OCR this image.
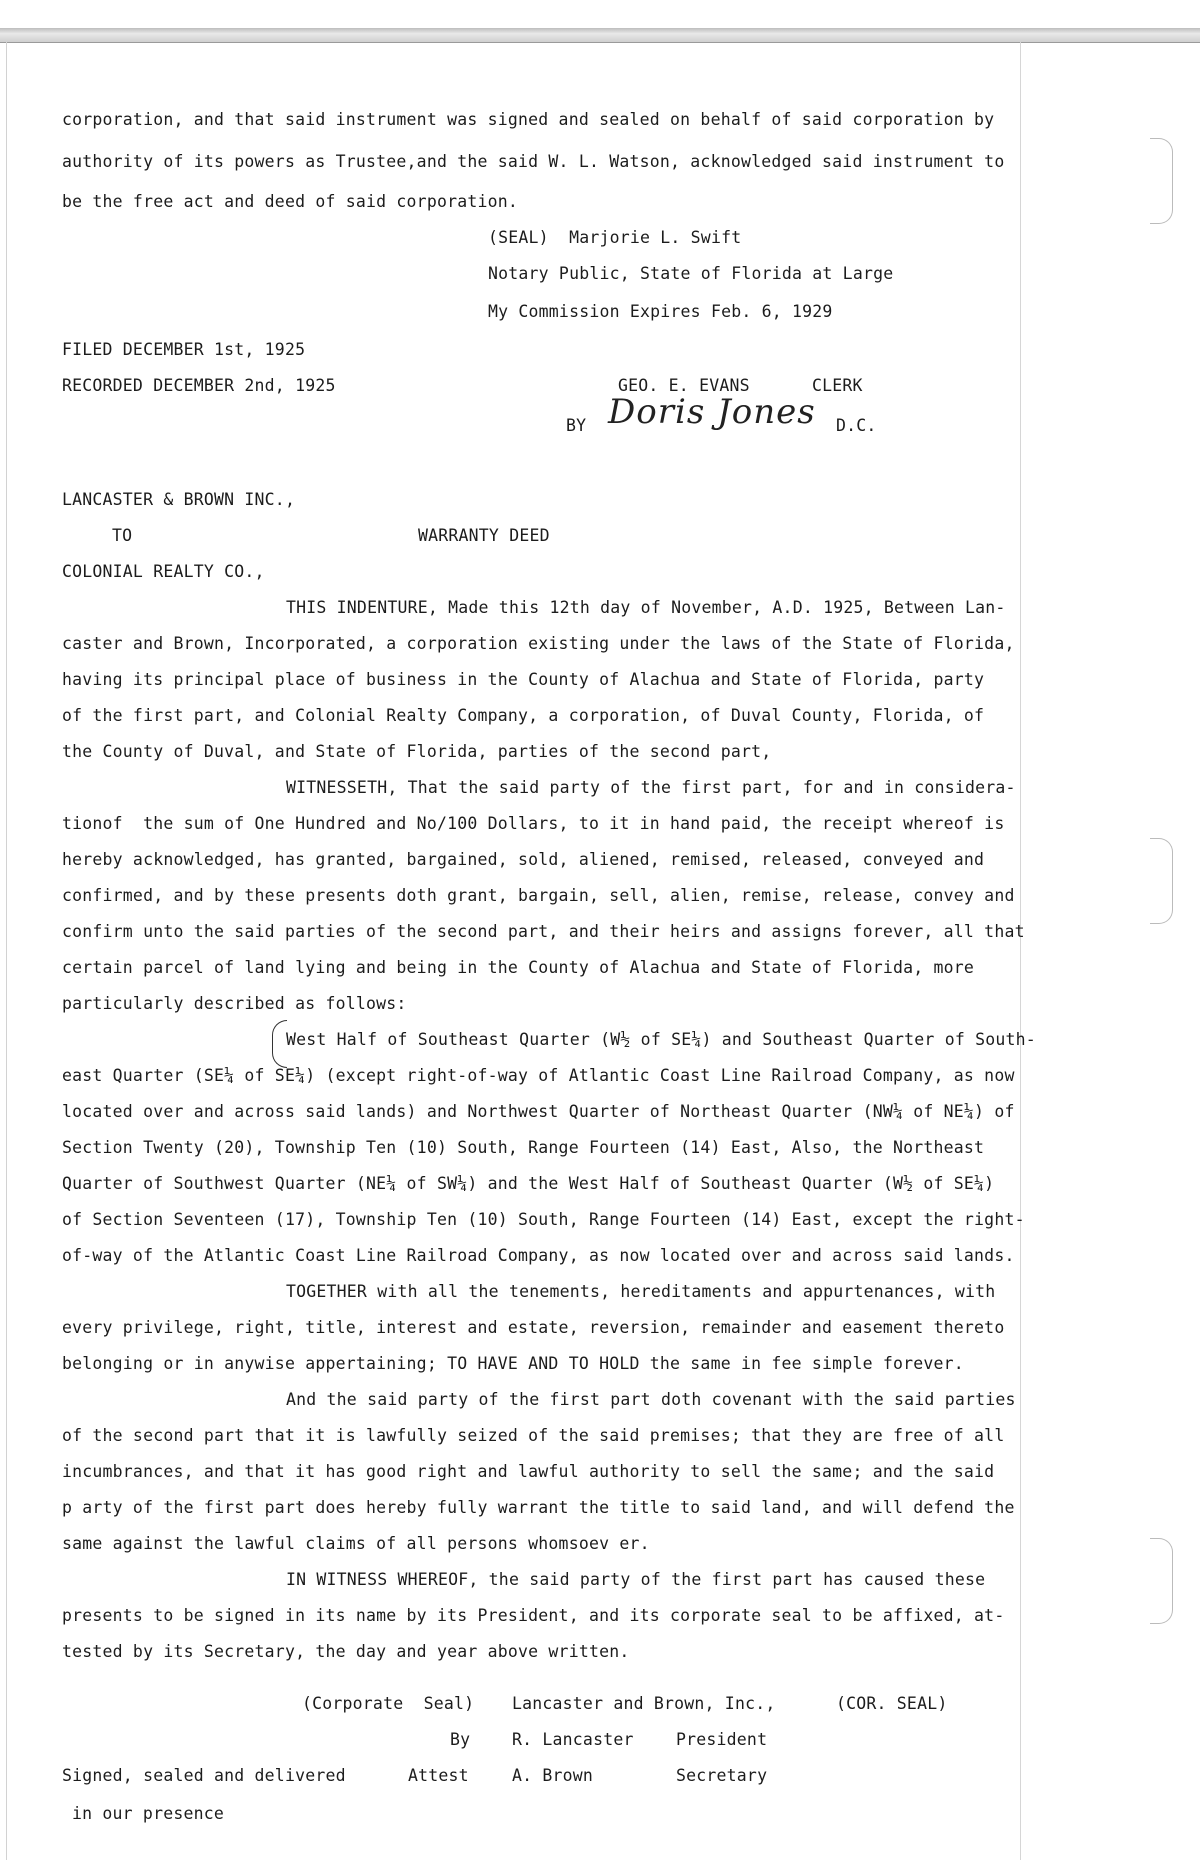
corporation, and that said instrument was signed and sealed on behalf of said corporation by
authority of its powers as Trustee,and the said W. L. Watson, acknowledged said instrument to
be the free act and deed of said corporation.
(SEAL)  Marjorie L. Swift
Notary Public, State of Florida at Large
My Commission Expires Feb. 6, 1929
FILED DECEMBER 1st, 1925
RECORDED DECEMBER 2nd, 1925	GEO. E. EVANS	CLERK
BY Doris Jones D.C.
LANCASTER & BROWN INC.,
TO	WARRANTY DEED
COLONIAL REALTY CO.,
THIS INDENTURE, Made this 12th day of November, A.D. 1925, Between Lan-
caster and Brown, Incorporated, a corporation existing under the laws of the State of Florida,
having its principal place of business in the County of Alachua and State of Florida, party
of the first part, and Colonial Realty Company, a corporation, of Duval County, Florida, of
the County of Duval, and State of Florida, parties of the second part,
WITNESSETH, That the said party of the first part, for and in considera-
tionof  the sum of One Hundred and No/100 Dollars, to it in hand paid, the receipt whereof is
hereby acknowledged, has granted, bargained, sold, aliened, remised, released, conveyed and
confirmed, and by these presents doth grant, bargain, sell, alien, remise, release, convey and
confirm unto the said parties of the second part, and their heirs and assigns forever, all that
certain parcel of land lying and being in the County of Alachua and State of Florida, more
particularly described as follows:
West Half of Southeast Quarter (W½ of SE¼) and Southeast Quarter of South-
east Quarter (SE¼ of SE¼) (except right-of-way of Atlantic Coast Line Railroad Company, as now
located over and across said lands) and Northwest Quarter of Northeast Quarter (NW¼ of NE¼) of
Section Twenty (20), Township Ten (10) South, Range Fourteen (14) East, Also, the Northeast
Quarter of Southwest Quarter (NE¼ of SW¼) and the West Half of Southeast Quarter (W½ of SE¼)
of Section Seventeen (17), Township Ten (10) South, Range Fourteen (14) East, except the right-
of-way of the Atlantic Coast Line Railroad Company, as now located over and across said lands.
TOGETHER with all the tenements, hereditaments and appurtenances, with
every privilege, right, title, interest and estate, reversion, remainder and easement thereto
belonging or in anywise appertaining; TO HAVE AND TO HOLD the same in fee simple forever.
And the said party of the first part doth covenant with the said parties
of the second part that it is lawfully seized of the said premises; that they are free of all
incumbrances, and that it has good right and lawful authority to sell the same; and the said
p arty of the first part does hereby fully warrant the title to said land, and will defend the
same against the lawful claims of all persons whomsoev er.
IN WITNESS WHEREOF, the said party of the first part has caused these
presents to be signed in its name by its President, and its corporate seal to be affixed, at-
tested by its Secretary, the day and year above written.
(Corporate  Seal) Lancaster and Brown, Inc.,	(COR. SEAL)
By	R. Lancaster	President
Signed, sealed and delivered	Attest	A. Brown	Secretary
in our presence
